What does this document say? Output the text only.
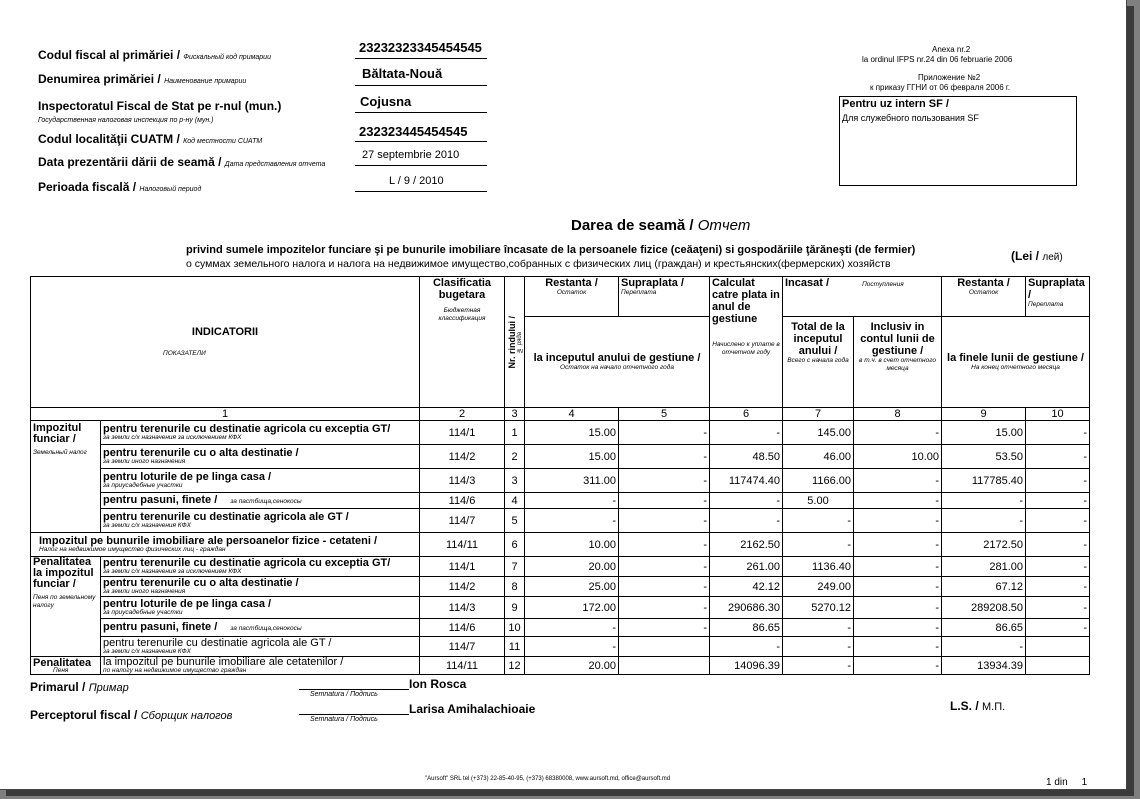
Codul fiscal al primăriei / Фискальный код примарии
23232323345454545
Denumirea primăriei / Наименование примарии
Băltata-Nouă
Inspectoratul Fiscal de Stat pe r-nul (mun.)
Государственная налоговая инспекция по р-ну (мун.)
Cojusna
Codul localităţii CUATM / Код местности CUATM
232323445454545
Data prezentării dării de seamă / Дата представления отчета
27 septembrie 2010
Perioada fiscală / Налоговый период
L / 9 / 2010
Anexa nr.2
la ordinul IFPS nr.24 din 06 februarie 2006
Приложение №2
к приказу ГГНИ от 06 февраля 2006 г.
Pentru uz intern SF /
Для служебного пользования SF
Darea de seamă / Отчет
privind sumele impozitelor funciare şi pe bunurile imobiliare încasate de la persoanele fizice (ceăaţeni) si gospodăriile ţărăneşti (de fermier)
о суммах земельного налога и налога на недвижимое имущество,собранных с физических лиц (граждан) и крестьянских(фермерских) хозяйств
(Lei / лей)
INDICATORII

ПОКАЗАТЕЛИ		Clasificatia bugetara
Бюджетная классификация	Nr. rindului / № ряда	Restanta /
Остаток	Supraplata /
Переплата	Calculat catre plata in anul de gestiune
Начислено к уплате в отчетном году	Incasat / Поступления		Restanta /
Остаток	Supraplata /
Переплата

				la inceputul anului de gestiune /
Остаток на начало отчетного года			Total de la inceputul anului /
Всего с начала года	Inclusiv in contul lunii de gestiune /
в т.ч. в счет отчетного месяца	la finele lunii de gestiune /
На конец отчетного месяца	

1		2	3	4	5	6	7	8	9	10
Impozitul funciar /
Земельный налог	pentru terenurile cu destinatie agricola cu exceptia GT/
за земли с/х назначения за исключением КФХ	114/1	1	15.00	-	-	145.00	-	15.00	-
	pentru terenurile cu o alta destinatie /
за земли иного назначения	114/2	2	15.00	-	48.50	46.00	10.00	53.50	-
	pentru loturile de pe linga casa /
за приусадебные участки	114/3	3	311.00	-	117474.40	1166.00	-	117785.40	-
	pentru pasuni, finete / за пастбища,сенокосы	114/6	4	-	-	-	5.00	-	-	-
	pentru terenurile cu destinatie agricola ale GT /
за земли с/х назначения КФХ	114/7	5	-	-	-	-	-	-	-
Impozitul pe bunurile imobiliare ale persoanelor fizice - cetateni /
Налог на недвижимое имущество физических лиц - граждан		114/11	6	10.00	-	2162.50	-	-	2172.50	-
Penalitatea la impozitul funciar /
Пеня по земельному налогу	pentru terenurile cu destinatie agricola cu exceptia GT/
за земли с/х назначения за исключением КФХ	114/1	7	20.00	-	261.00	1136.40	-	281.00	-
	pentru terenurile cu o alta destinatie /
за земли иного назначения	114/2	8	25.00	-	42.12	249.00	-	67.12	-
	pentru loturile de pe linga casa /
за приусадебные участки	114/3	9	172.00	-	290686.30	5270.12	-	289208.50	-
	pentru pasuni, finete / за пастбища,сенокосы	114/6	10	-	-	86.65	-	-	86.65	-
	pentru terenurile cu destinatie agricola ale GT /
за земли с/х назначения КФХ	114/7	11	-		-	-	-	-	
Penalitatea
Пеня	la impozitul pe bunurile imobiliare ale cetatenilor /
по налогу на недвижимое имущество граждан	114/11	12	20.00		14096.39	-	-	13934.39	
Primarul / Примар	Ion Rosca
Semnatura / Подпись
Perceptorul fiscal / Сборщик налогов	Larisa Amihalachioaie
Semnatura / Подпись
L.S. / М.П.
"Aursoft" SRL tel (+373) 22-85-40-95, (+373) 68380008, www.aursoft.md, office@aursoft.md	1 din 1
